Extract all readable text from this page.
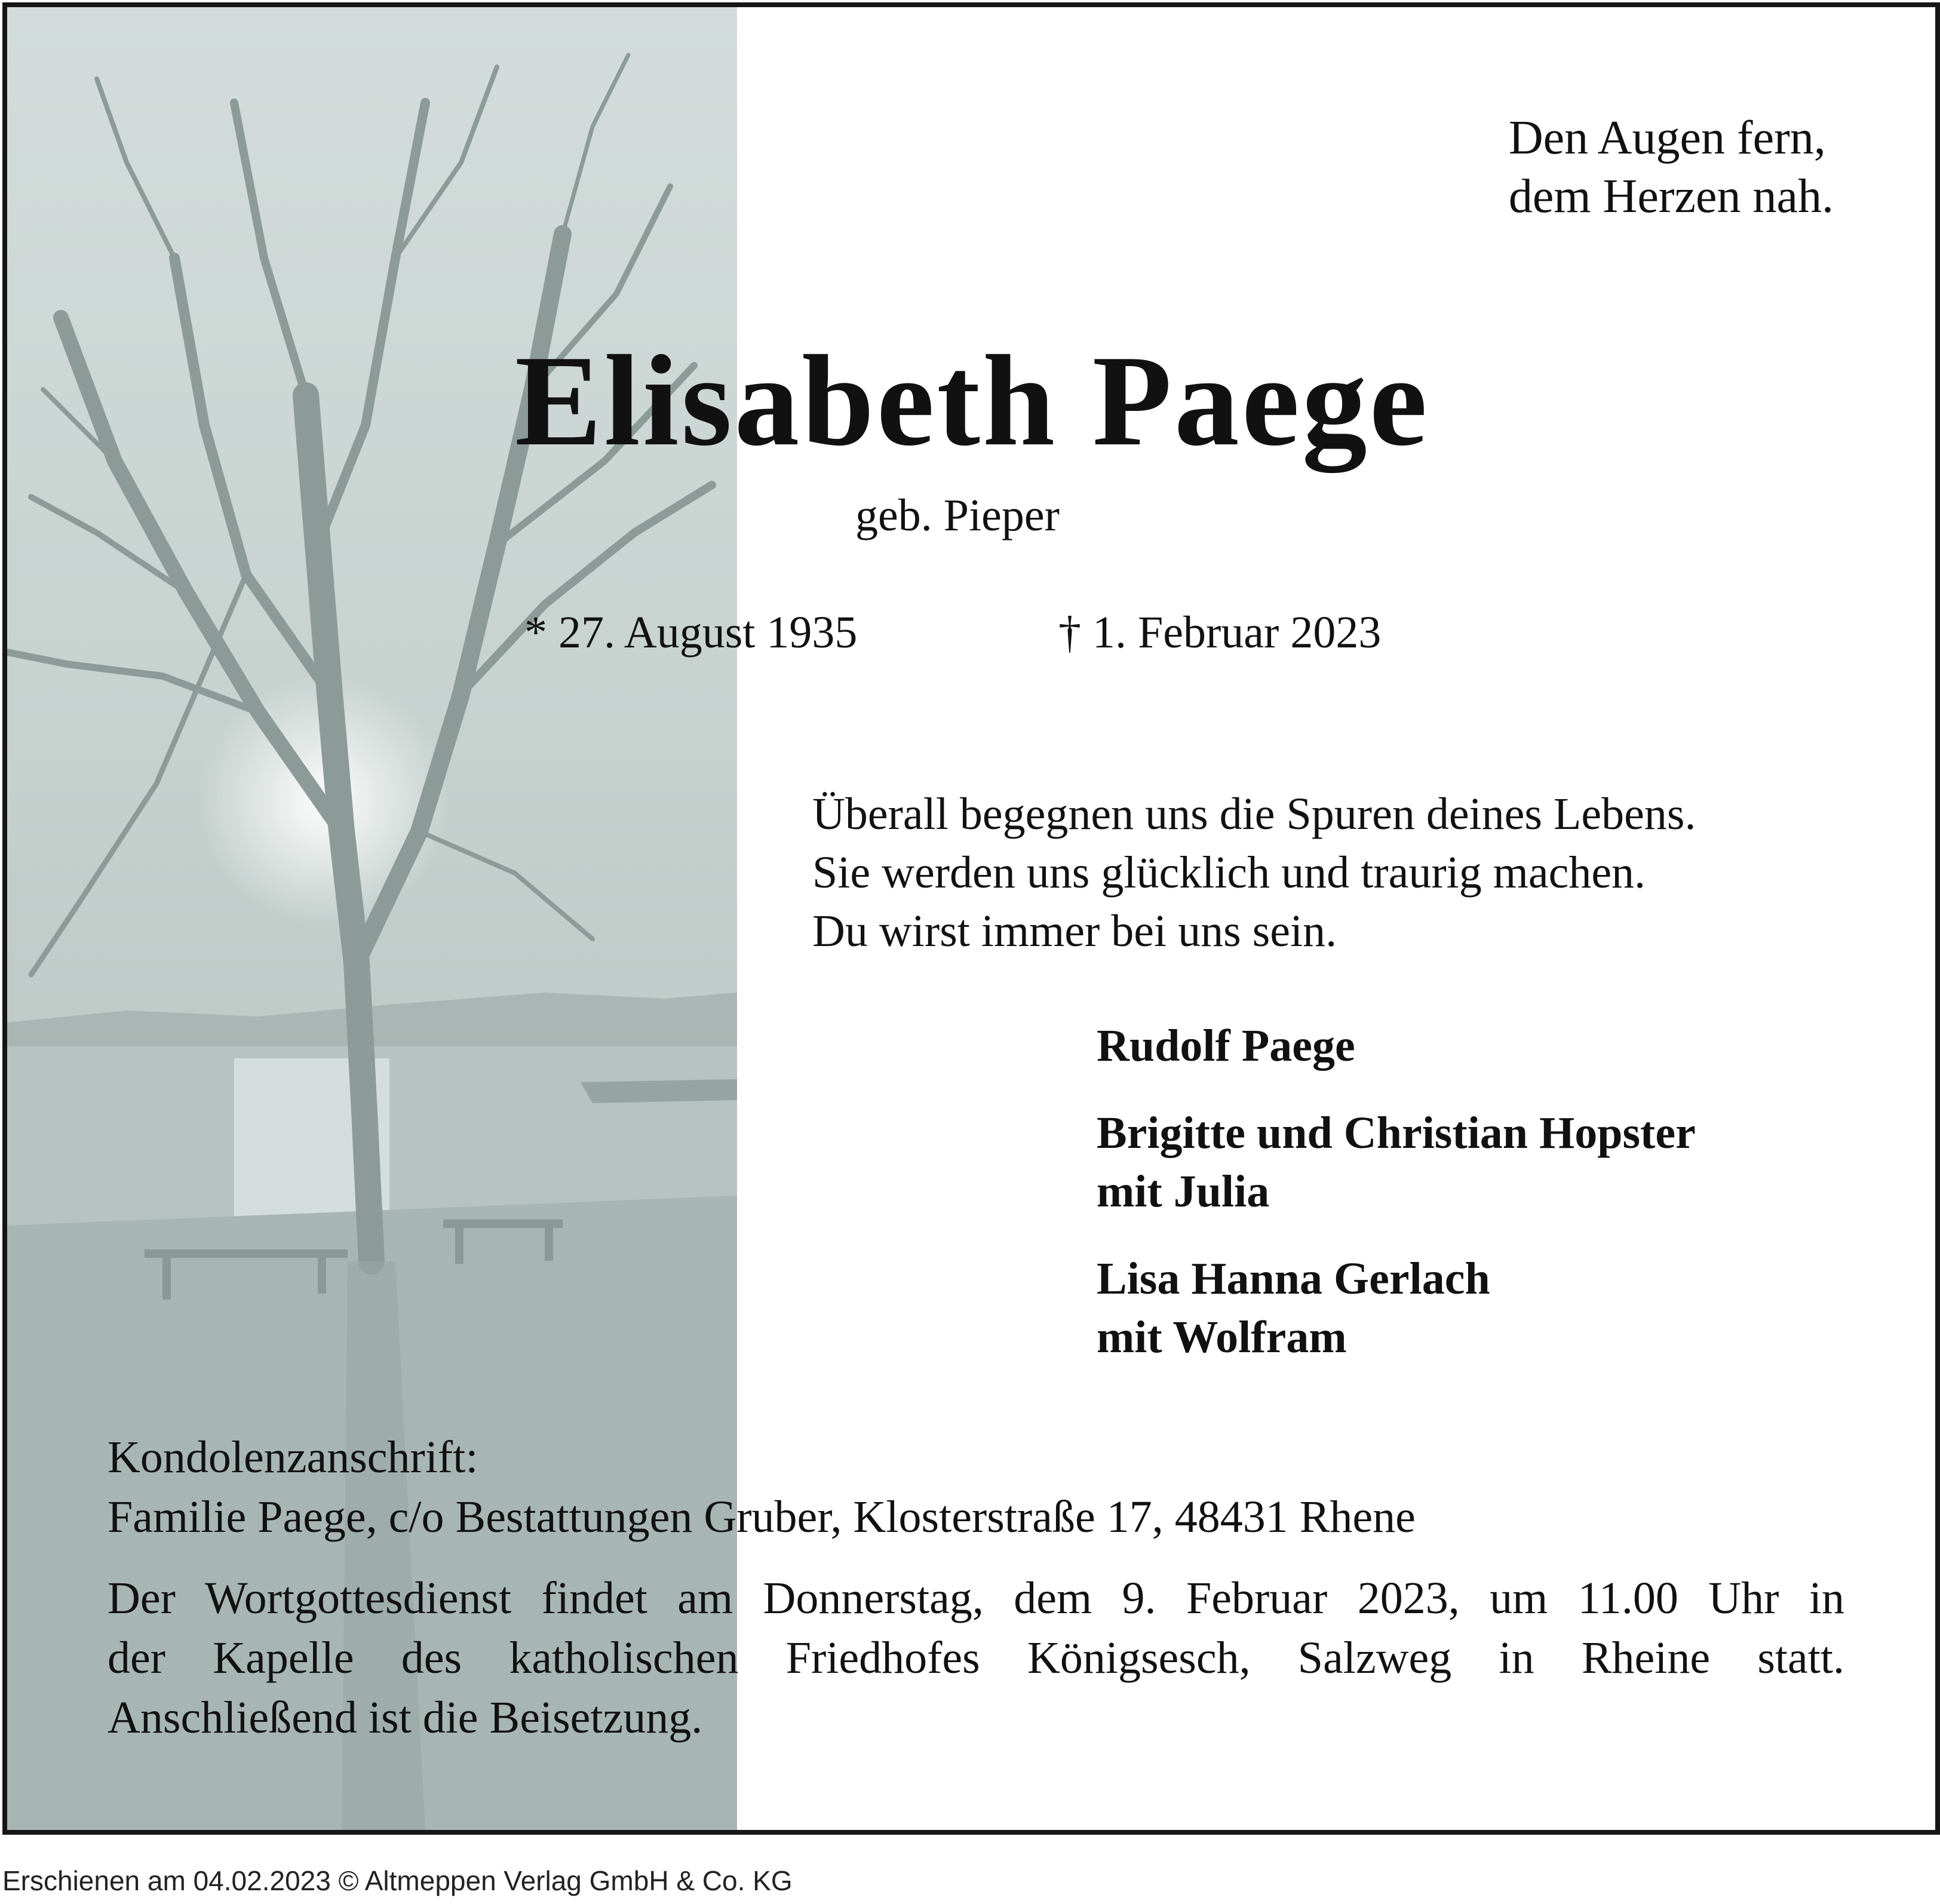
Den Augen fern,
dem Herzen nah.
Elisabeth Paege
geb. Pieper
* 27. August 1935	† 1. Februar 2023
Überall begegnen uns die Spuren deines Lebens.
Sie werden uns glücklich und traurig machen.
Du wirst immer bei uns sein.
Rudolf Paege
Brigitte und Christian Hopster
mit Julia
Lisa Hanna Gerlach
mit Wolfram
Kondolenzanschrift:
Familie Paege, c/o Bestattungen Gruber, Klosterstraße 17, 48431 Rhene
Der Wortgottesdienst findet am Donnerstag, dem 9. Februar 2023, um 11.00 Uhr in
der Kapelle des katholischen Friedhofes Königsesch, Salzweg in Rheine statt.
Anschließend ist die Beisetzung.
Erschienen am 04.02.2023 © Altmeppen Verlag GmbH & Co. KG
